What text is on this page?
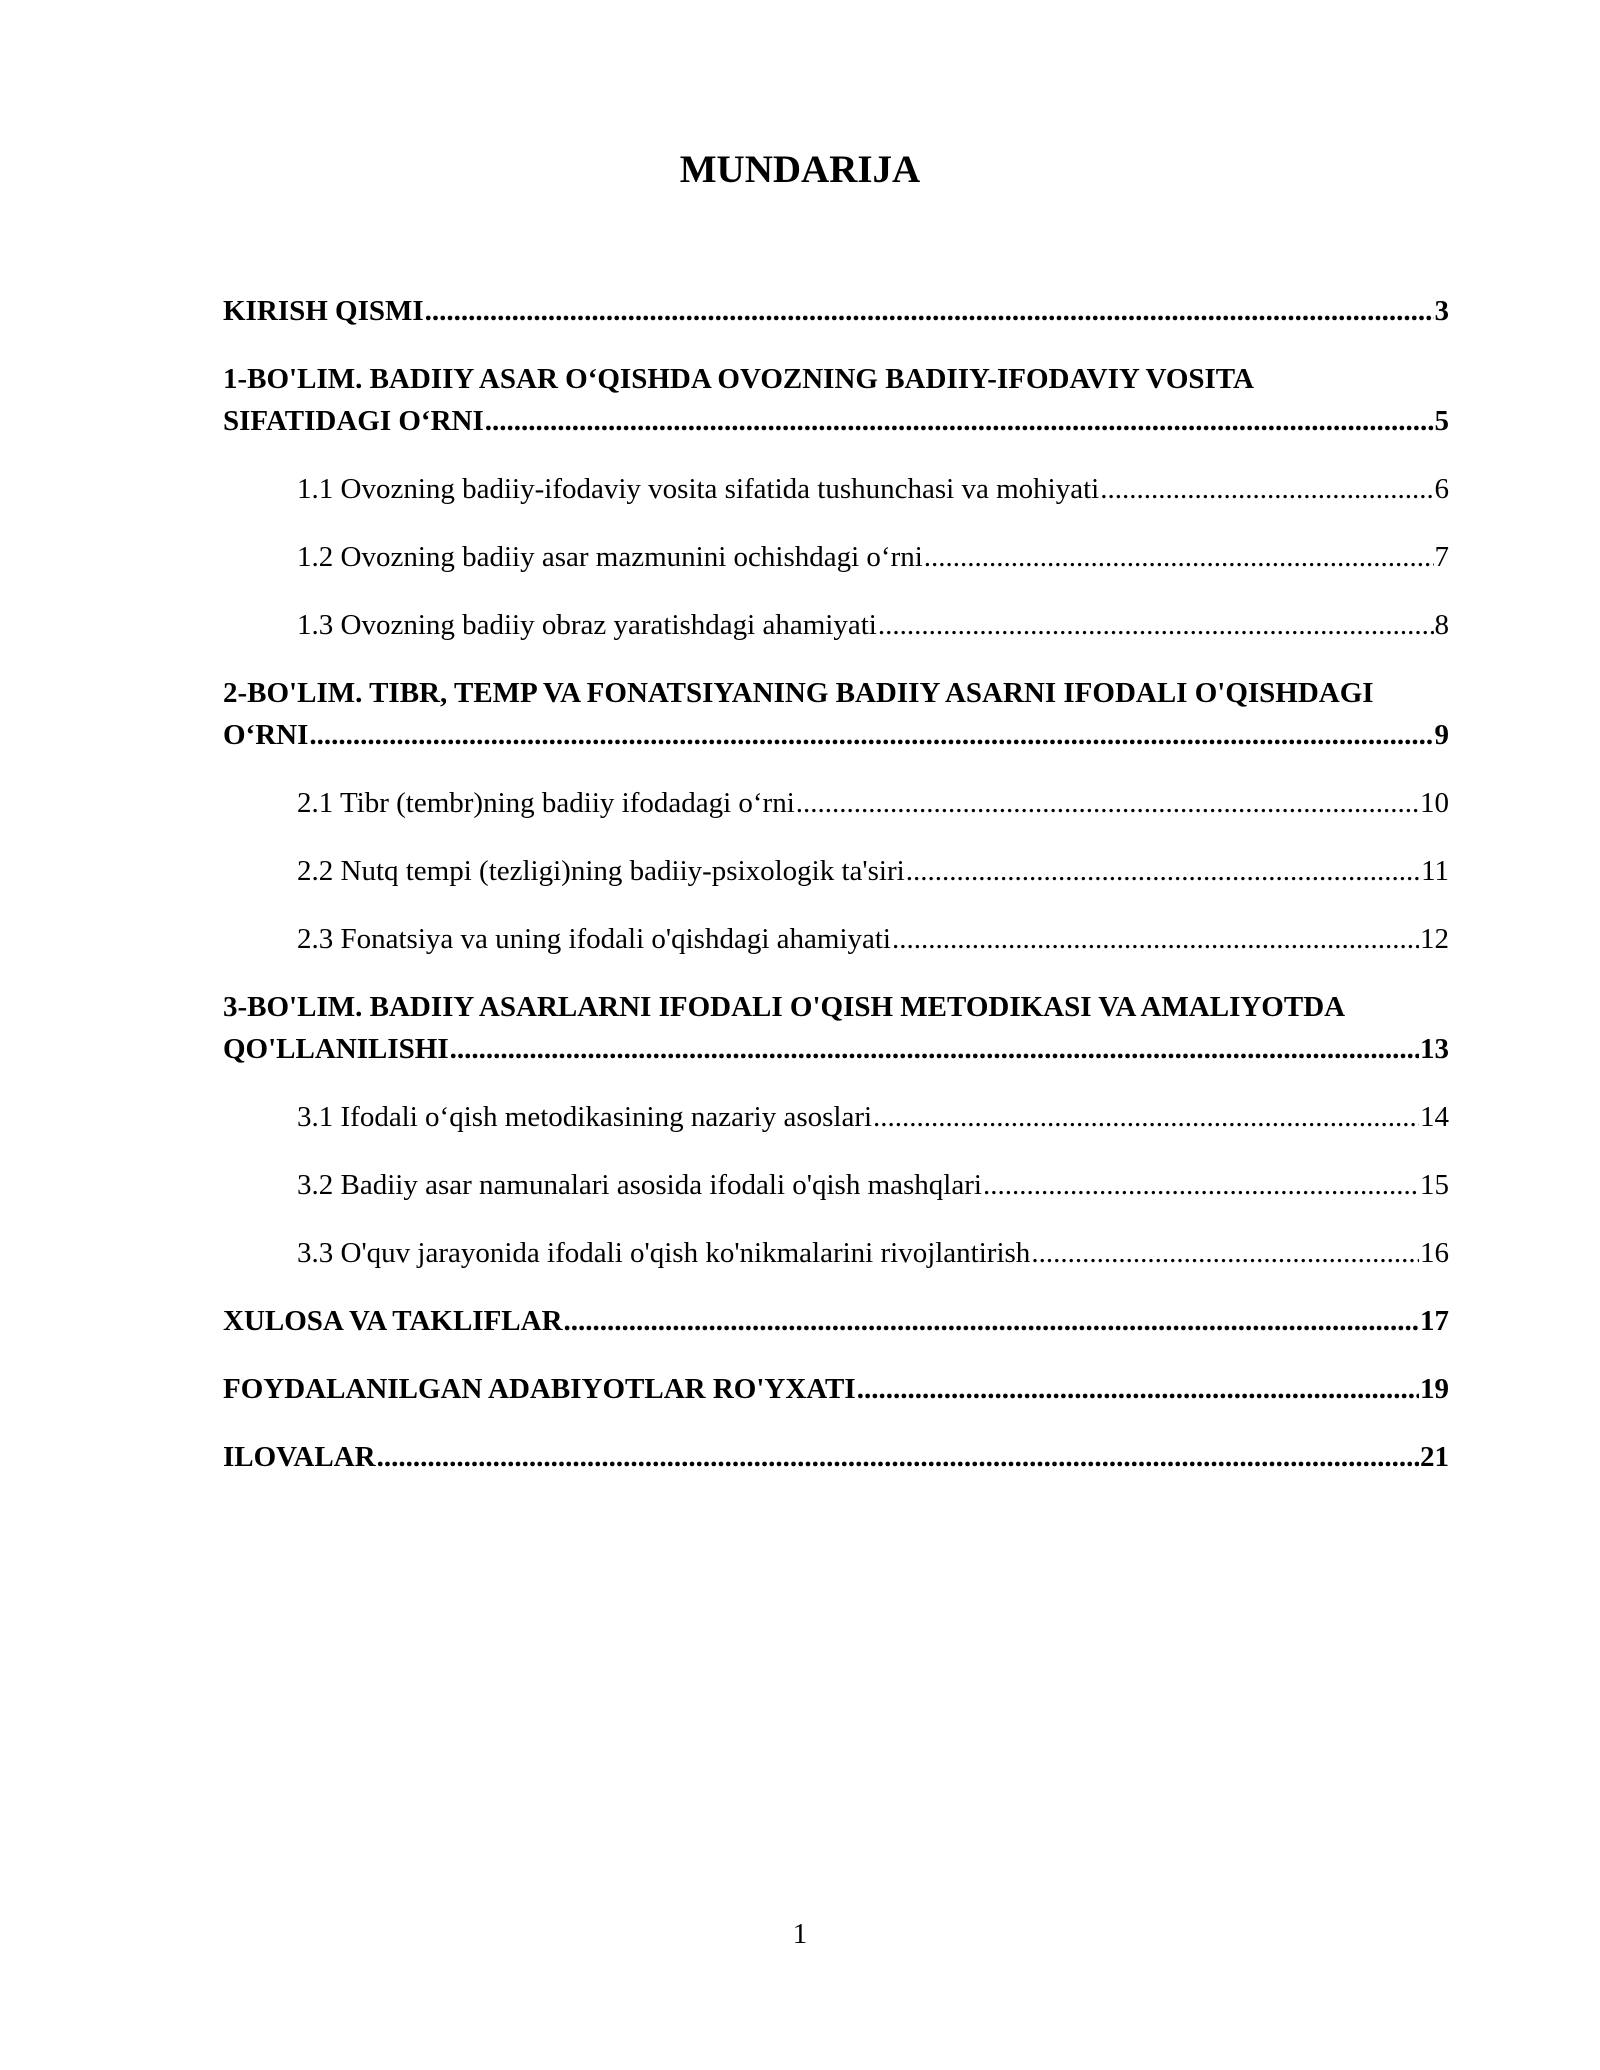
MUNDARIJA
KIRISH QISMI .....	3
1-BO'LIM. BADIIY ASAR O‘QISHDA OVOZNING BADIIY-IFODAVIY VOSITA
SIFATIDAGI O‘RNI .....	5
1.1 Ovozning badiiy-ifodaviy vosita sifatida tushunchasi va mohiyati .....	6
1.2 Ovozning badiiy asar mazmunini ochishdagi o‘rni .....	7
1.3 Ovozning badiiy obraz yaratishdagi ahamiyati .....	8
2-BO'LIM. TIBR, TEMP VA FONATSIYANING BADIIY ASARNI IFODALI O'QISHDAGI
O‘RNI .....	9
2.1 Tibr (tembr)ning badiiy ifodadagi o‘rni .....	10
2.2 Nutq tempi (tezligi)ning badiiy-psixologik ta'siri .....	11
2.3 Fonatsiya va uning ifodali o'qishdagi ahamiyati .....	12
3-BO'LIM. BADIIY ASARLARNI IFODALI O'QISH METODIKASI VA AMALIYOTDA
QO'LLANILISHI .....	13
3.1 Ifodali o‘qish metodikasining nazariy asoslari .....	14
3.2 Badiiy asar namunalari asosida ifodali o'qish mashqlari .....	15
3.3 O'quv jarayonida ifodali o'qish ko'nikmalarini rivojlantirish .....	16
XULOSA VA TAKLIFLAR .....	17
FOYDALANILGAN ADABIYOTLAR RO'YXATI .....	19
ILOVALAR .....	21
1
